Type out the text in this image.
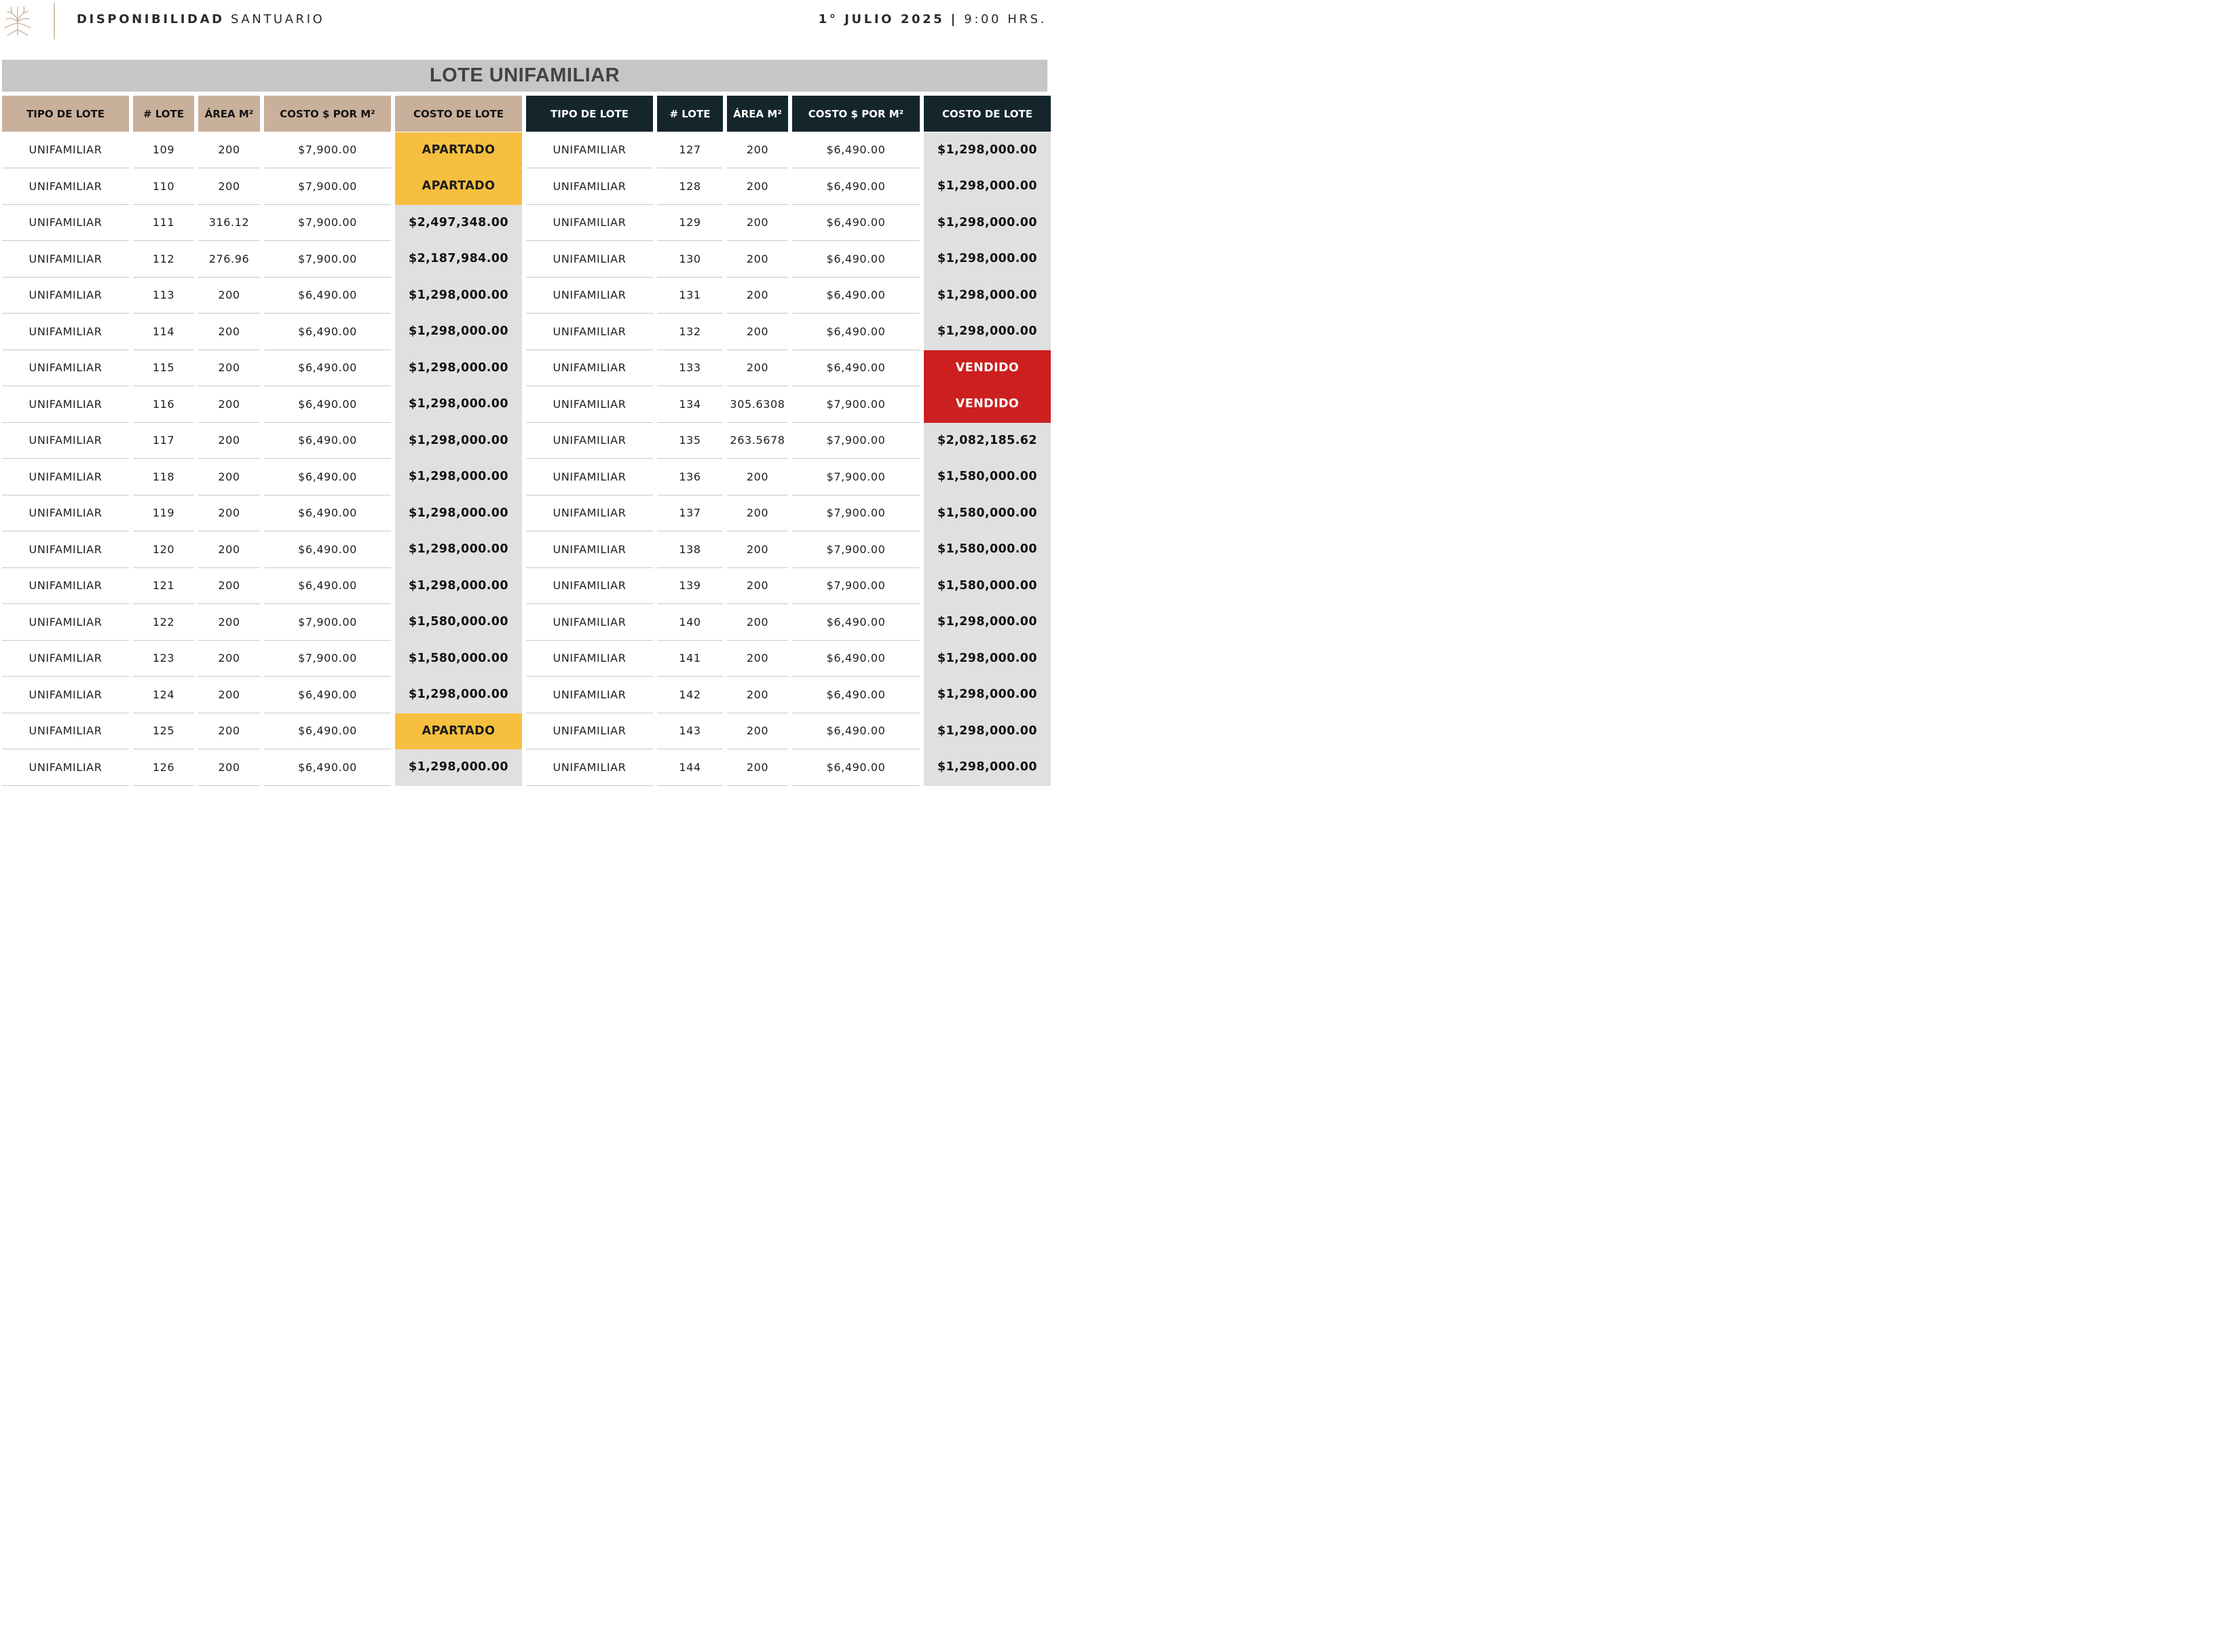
DISPONIBILIDAD SANTUARIO	1° JULIO 2025 | 9:00 HRS.
LOTE UNIFAMILIAR
TIPO DE LOTE	# LOTE	ÁREA M²	COSTO $ POR M²	COSTO DE LOTE	TIPO DE LOTE	# LOTE	ÁREA M²	COSTO $ POR M²	COSTO DE LOTE
UNIFAMILIAR	109	200	$7,900.00	APARTADO	UNIFAMILIAR	127	200	$6,490.00	$1,298,000.00
UNIFAMILIAR	110	200	$7,900.00	APARTADO	UNIFAMILIAR	128	200	$6,490.00	$1,298,000.00
UNIFAMILIAR	111	316.12	$7,900.00	$2,497,348.00	UNIFAMILIAR	129	200	$6,490.00	$1,298,000.00
UNIFAMILIAR	112	276.96	$7,900.00	$2,187,984.00	UNIFAMILIAR	130	200	$6,490.00	$1,298,000.00
UNIFAMILIAR	113	200	$6,490.00	$1,298,000.00	UNIFAMILIAR	131	200	$6,490.00	$1,298,000.00
UNIFAMILIAR	114	200	$6,490.00	$1,298,000.00	UNIFAMILIAR	132	200	$6,490.00	$1,298,000.00
UNIFAMILIAR	115	200	$6,490.00	$1,298,000.00	UNIFAMILIAR	133	200	$6,490.00	VENDIDO
UNIFAMILIAR	116	200	$6,490.00	$1,298,000.00	UNIFAMILIAR	134	305.6308	$7,900.00	VENDIDO
UNIFAMILIAR	117	200	$6,490.00	$1,298,000.00	UNIFAMILIAR	135	263.5678	$7,900.00	$2,082,185.62
UNIFAMILIAR	118	200	$6,490.00	$1,298,000.00	UNIFAMILIAR	136	200	$7,900.00	$1,580,000.00
UNIFAMILIAR	119	200	$6,490.00	$1,298,000.00	UNIFAMILIAR	137	200	$7,900.00	$1,580,000.00
UNIFAMILIAR	120	200	$6,490.00	$1,298,000.00	UNIFAMILIAR	138	200	$7,900.00	$1,580,000.00
UNIFAMILIAR	121	200	$6,490.00	$1,298,000.00	UNIFAMILIAR	139	200	$7,900.00	$1,580,000.00
UNIFAMILIAR	122	200	$7,900.00	$1,580,000.00	UNIFAMILIAR	140	200	$6,490.00	$1,298,000.00
UNIFAMILIAR	123	200	$7,900.00	$1,580,000.00	UNIFAMILIAR	141	200	$6,490.00	$1,298,000.00
UNIFAMILIAR	124	200	$6,490.00	$1,298,000.00	UNIFAMILIAR	142	200	$6,490.00	$1,298,000.00
UNIFAMILIAR	125	200	$6,490.00	APARTADO	UNIFAMILIAR	143	200	$6,490.00	$1,298,000.00
UNIFAMILIAR	126	200	$6,490.00	$1,298,000.00	UNIFAMILIAR	144	200	$6,490.00	$1,298,000.00
